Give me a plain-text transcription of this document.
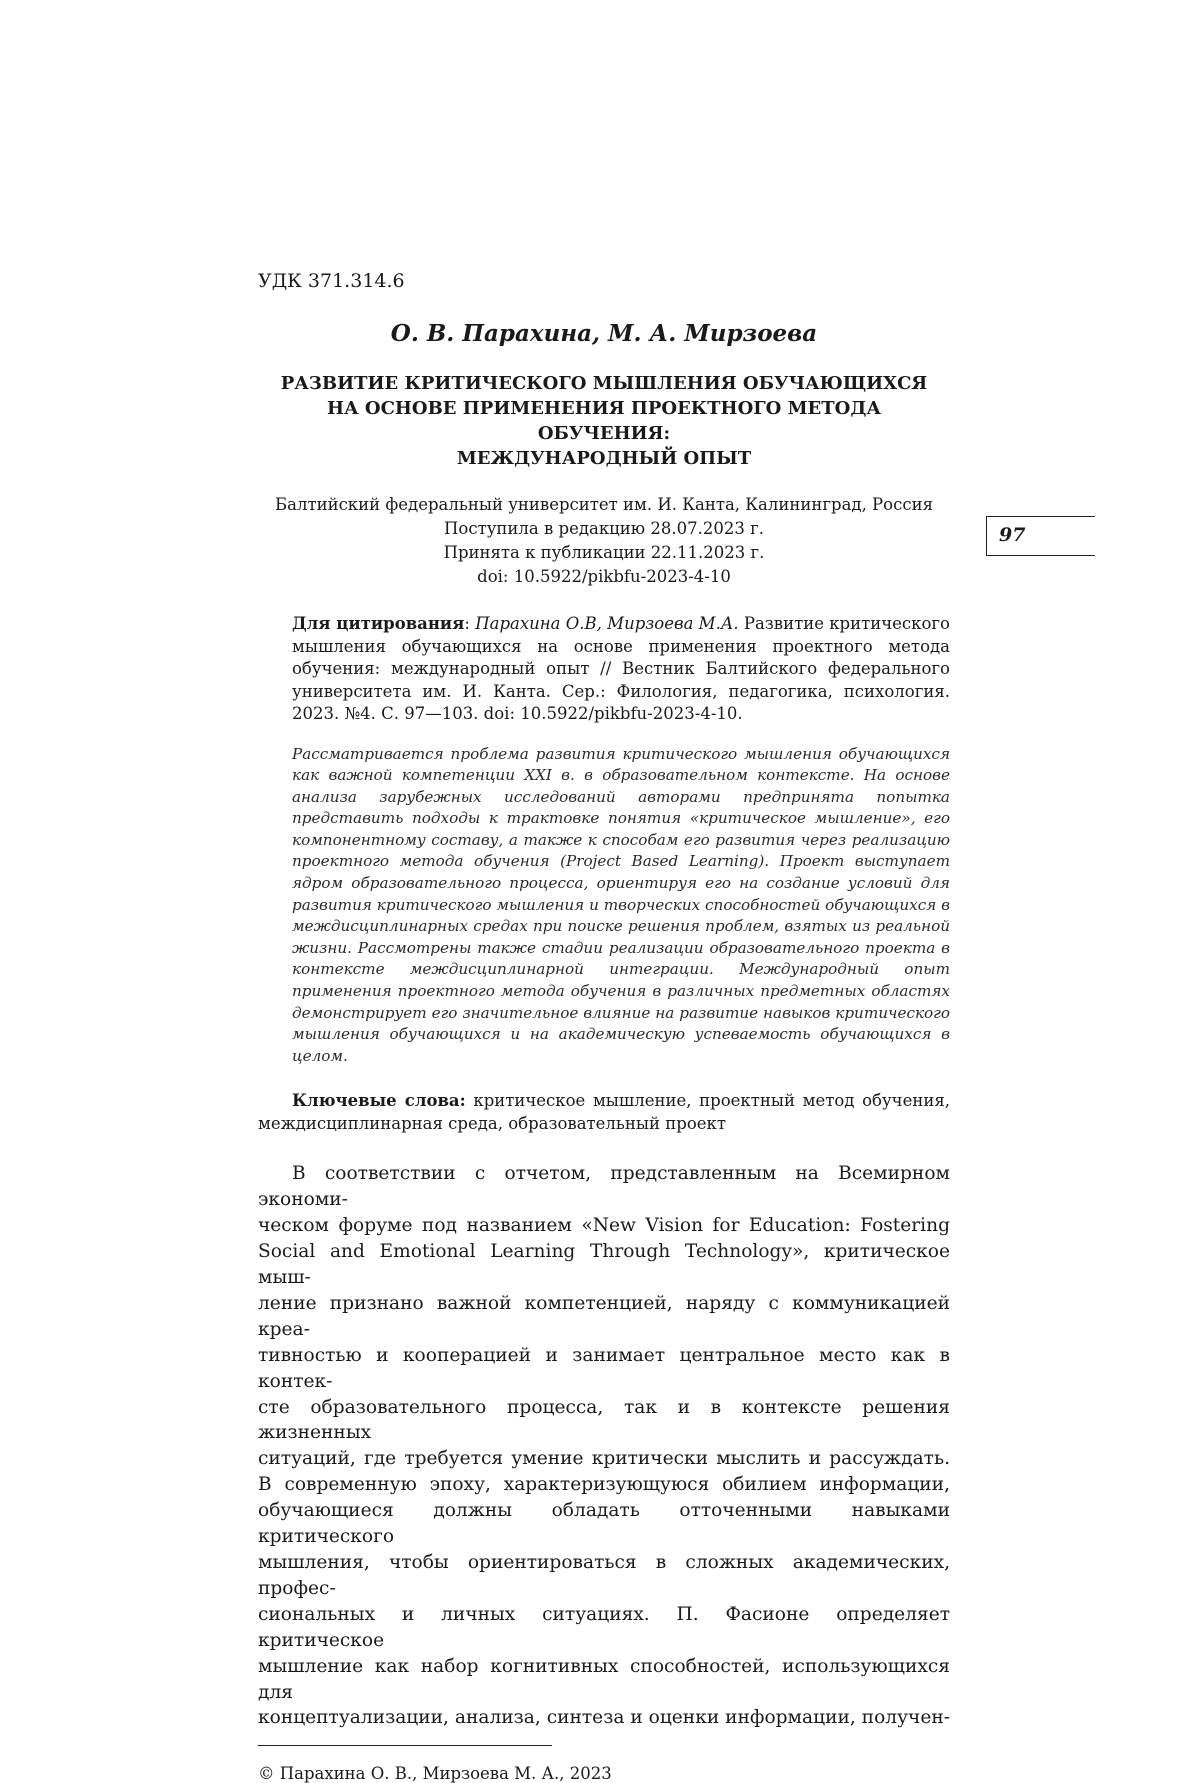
УДК 371.314.6

О. В. Парахина, М. А. Мирзоева

РАЗВИТИЕ КРИТИЧЕСКОГО МЫШЛЕНИЯ ОБУЧАЮЩИХСЯ
НА ОСНОВЕ ПРИМЕНЕНИЯ ПРОЕКТНОГО МЕТОДА ОБУЧЕНИЯ:
МЕЖДУНАРОДНЫЙ ОПЫТ
Балтийский федеральный университет им. И. Канта, Калининград, Россия
Поступила в редакцию 28.07.2023 г.
Принята к публикации 22.11.2023 г.
doi: 10.5922/pikbfu-2023-4-10

Для цитирования: Парахина О.В, Мирзоева М.А. Развитие критического мышления обучающихся на основе применения проектного метода обучения: международный опыт // Вестник Балтийского федерального университета им. И. Канта. Сер.: Филология, педагогика, психология. 2023. №4. С. 97—103. doi: 10.5922/pikbfu-2023-4-10.

Рассматривается проблема развития критического мышления обучающихся как важной компетенции XXI в. в образовательном контексте. На основе анализа зарубежных исследований авторами предпринята попытка представить подходы к трактовке понятия «критическое мышление», его компонентному составу, а также к способам его развития через реализацию проектного метода обучения (Project Based Learning). Проект выступает ядром образовательного процесса, ориентируя его на создание условий для развития критического мышления и творческих способностей обучающихся в междисциплинарных средах при поиске решения проблем, взятых из реальной жизни. Рассмотрены также стадии реализации образовательного проекта в контексте междисциплинарной интеграции. Международный опыт применения проектного метода обучения в различных предметных областях демонстрирует его значительное влияние на развитие навыков критического мышления обучающихся и на академическую успеваемость обучающихся в целом.

Ключевые слова: критическое мышление, проектный метод обучения, междисциплинарная среда, образовательный проект

В соответствии с отчетом, представленным на Всемирном экономи-
ческом форуме под названием «New Vision for Education: Fostering
Social and Emotional Learning Through Technology», критическое мыш-
ление признано важной компетенцией, наряду с коммуникацией креа-
тивностью и кооперацией и занимает центральное место как в контек-
сте образовательного процесса, так и в контексте решения жизненных
ситуаций, где требуется умение критически мыслить и рассуждать.
В современную эпоху, характеризующуюся обилием информации,
обучающиеся должны обладать отточенными навыками критического
мышления, чтобы ориентироваться в сложных академических, профес-
сиональных и личных ситуациях. П. Фасионе определяет критическое
мышление как набор когнитивных способностей, использующихся для
концептуализации, анализа, синтеза и оценки информации, получен-

© Парахина О. В., Мирзоева М. А., 2023

97
